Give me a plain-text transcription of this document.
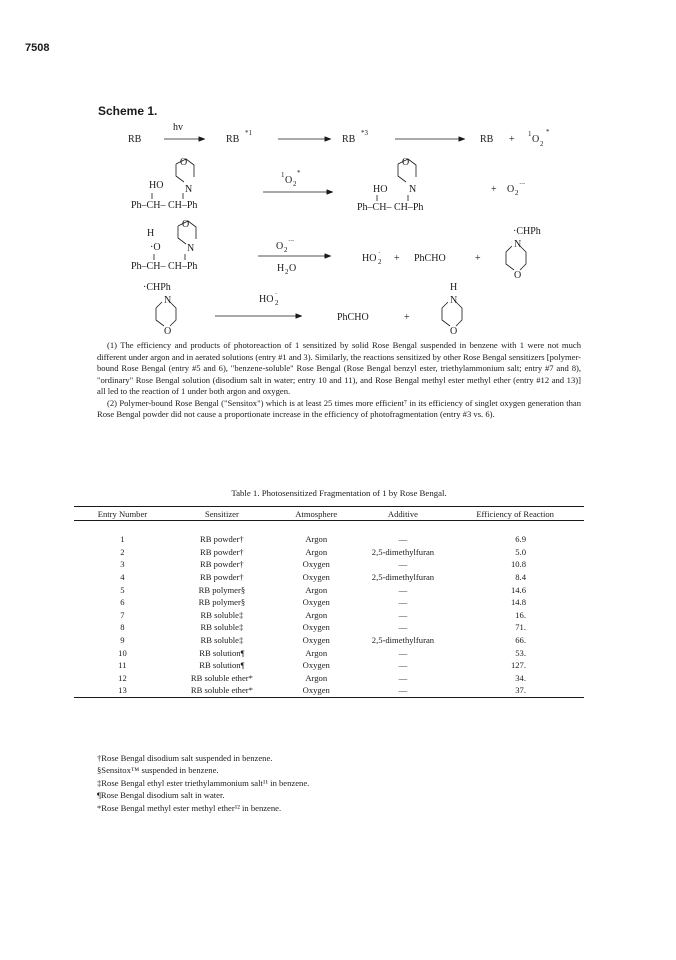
7508
Scheme 1.
RB
hv
RB
*1
RB
*3
RB + 1 O 2
*
O
N
HO
Ph–CH– CH–Ph
1 O 2
*
O
N
HO
Ph–CH– CH–Ph
+ O 2
·−
O
N
H
·O
Ph–CH– CH–Ph
O 2
·−
H 2 O
HO 2
· + PhCHO	+
·CHPh
N
O
·CHPh
N
O
HO 2
·
PhCHO	+
H
N
O

(1) The efficiency and products of photoreaction of 1 sensitized by solid Rose Bengal suspended in benzene with 1 were not much different under argon and in aerated solutions (entry #1 and 3). Similarly, the reactions sensitized by other Rose Bengal sensitizers [polymer-bound Rose Bengal (entry #5 and 6), "benzene-soluble" Rose Bengal (Rose Bengal benzyl ester, triethylammonium salt; entry #7 and 8), "ordinary" Rose Bengal solution (disodium salt in water; entry 10 and 11), and Rose Bengal methyl ester methyl ether (entry #12 and 13)] all led to the reaction of 1 under both argon and oxygen.

(2) Polymer-bound Rose Bengal ("Sensitox") which is at least 25 times more efficient⁷ in its efficiency of singlet oxygen generation than Rose Bengal powder did not cause a proportionate increase in the efficiency of photofragmentation (entry #3 vs. 6).

Table 1. Photosensitized Fragmentation of 1 by Rose Bengal.
Entry Number	Sensitizer	Atmosphere	Additive	Efficiency of Reaction

1	RB powder†	Argon	—	6.9
2	RB powder†	Argon	2,5-dimethylfuran	5.0
3	RB powder†	Oxygen	—	10.8
4	RB powder†	Oxygen	2,5-dimethylfuran	8.4
5	RB polymer§	Argon	—	14.6
6	RB polymer§	Oxygen	—	14.8
7	RB soluble‡	Argon	—	16.
8	RB soluble‡	Oxygen	—	71.
9	RB soluble‡	Oxygen	2,5-dimethylfuran	66.
10	RB solution¶	Argon	—	53.
11	RB solution¶	Oxygen	—	127.
12	RB soluble ether*	Argon	—	34.
13	RB soluble ether*	Oxygen	—	37.
†Rose Bengal disodium salt suspended in benzene.
§Sensitox™ suspended in benzene.
‡Rose Bengal ethyl ester triethylammonium salt¹¹ in benzene.
¶Rose Bengal disodium salt in water.
*Rose Bengal methyl ester methyl ether¹² in benzene.
